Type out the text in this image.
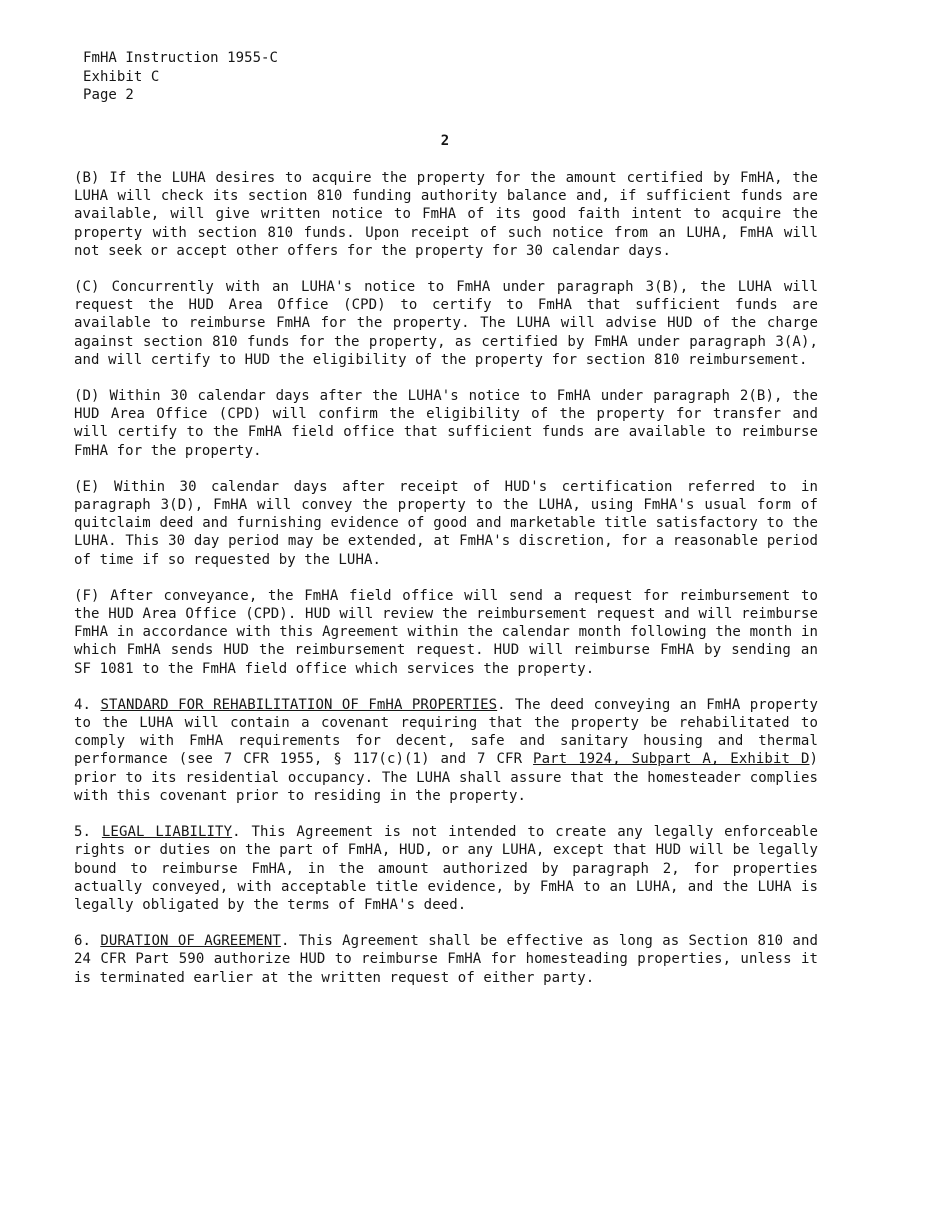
FmHA Instruction 1955-C
Exhibit C
Page 2
2

(B) If the LUHA desires to acquire the property for the amount certified by FmHA, the LUHA will check its section 810 funding authority balance and, if sufficient funds are available, will give written notice to FmHA of its good faith intent to acquire the property with section 810 funds. Upon receipt of such notice from an LUHA, FmHA will not seek or accept other offers for the property for 30 calendar days.

(C) Concurrently with an LUHA's notice to FmHA under paragraph 3(B), the LUHA will request the HUD Area Office (CPD) to certify to FmHA that sufficient funds are available to reimburse FmHA for the property. The LUHA will advise HUD of the charge against section 810 funds for the property, as certified by FmHA under paragraph 3(A), and will certify to HUD the eligibility of the property for section 810 reimbursement.

(D) Within 30 calendar days after the LUHA's notice to FmHA under paragraph 2(B), the HUD Area Office (CPD) will confirm the eligibility of the property for transfer and will certify to the FmHA field office that sufficient funds are available to reimburse FmHA for the property.

(E) Within 30 calendar days after receipt of HUD's certification referred to in paragraph 3(D), FmHA will convey the property to the LUHA, using FmHA's usual form of quitclaim deed and furnishing evidence of good and marketable title satisfactory to the LUHA. This 30 day period may be extended, at FmHA's discretion, for a reasonable period of time if so requested by the LUHA.

(F) After conveyance, the FmHA field office will send a request for reimbursement to the HUD Area Office (CPD). HUD will review the reimbursement request and will reimburse FmHA in accordance with this Agreement within the calendar month following the month in which FmHA sends HUD the reimbursement request. HUD will reimburse FmHA by sending an SF 1081 to the FmHA field office which services the property.

4. STANDARD FOR REHABILITATION OF FmHA PROPERTIES. The deed conveying an FmHA property to the LUHA will contain a covenant requiring that the property be rehabilitated to comply with FmHA requirements for decent, safe and sanitary housing and thermal performance (see 7 CFR 1955, § 117(c)(1) and 7 CFR Part 1924, Subpart A, Exhibit D) prior to its residential occupancy. The LUHA shall assure that the homesteader complies with this covenant prior to residing in the property.

5. LEGAL LIABILITY. This Agreement is not intended to create any legally enforceable rights or duties on the part of FmHA, HUD, or any LUHA, except that HUD will be legally bound to reimburse FmHA, in the amount authorized by paragraph 2, for properties actually conveyed, with acceptable title evidence, by FmHA to an LUHA, and the LUHA is legally obligated by the terms of FmHA's deed.

6. DURATION OF AGREEMENT. This Agreement shall be effective as long as Section 810 and 24 CFR Part 590 authorize HUD to reimburse FmHA for homesteading properties, unless it is terminated earlier at the written request of either party.
